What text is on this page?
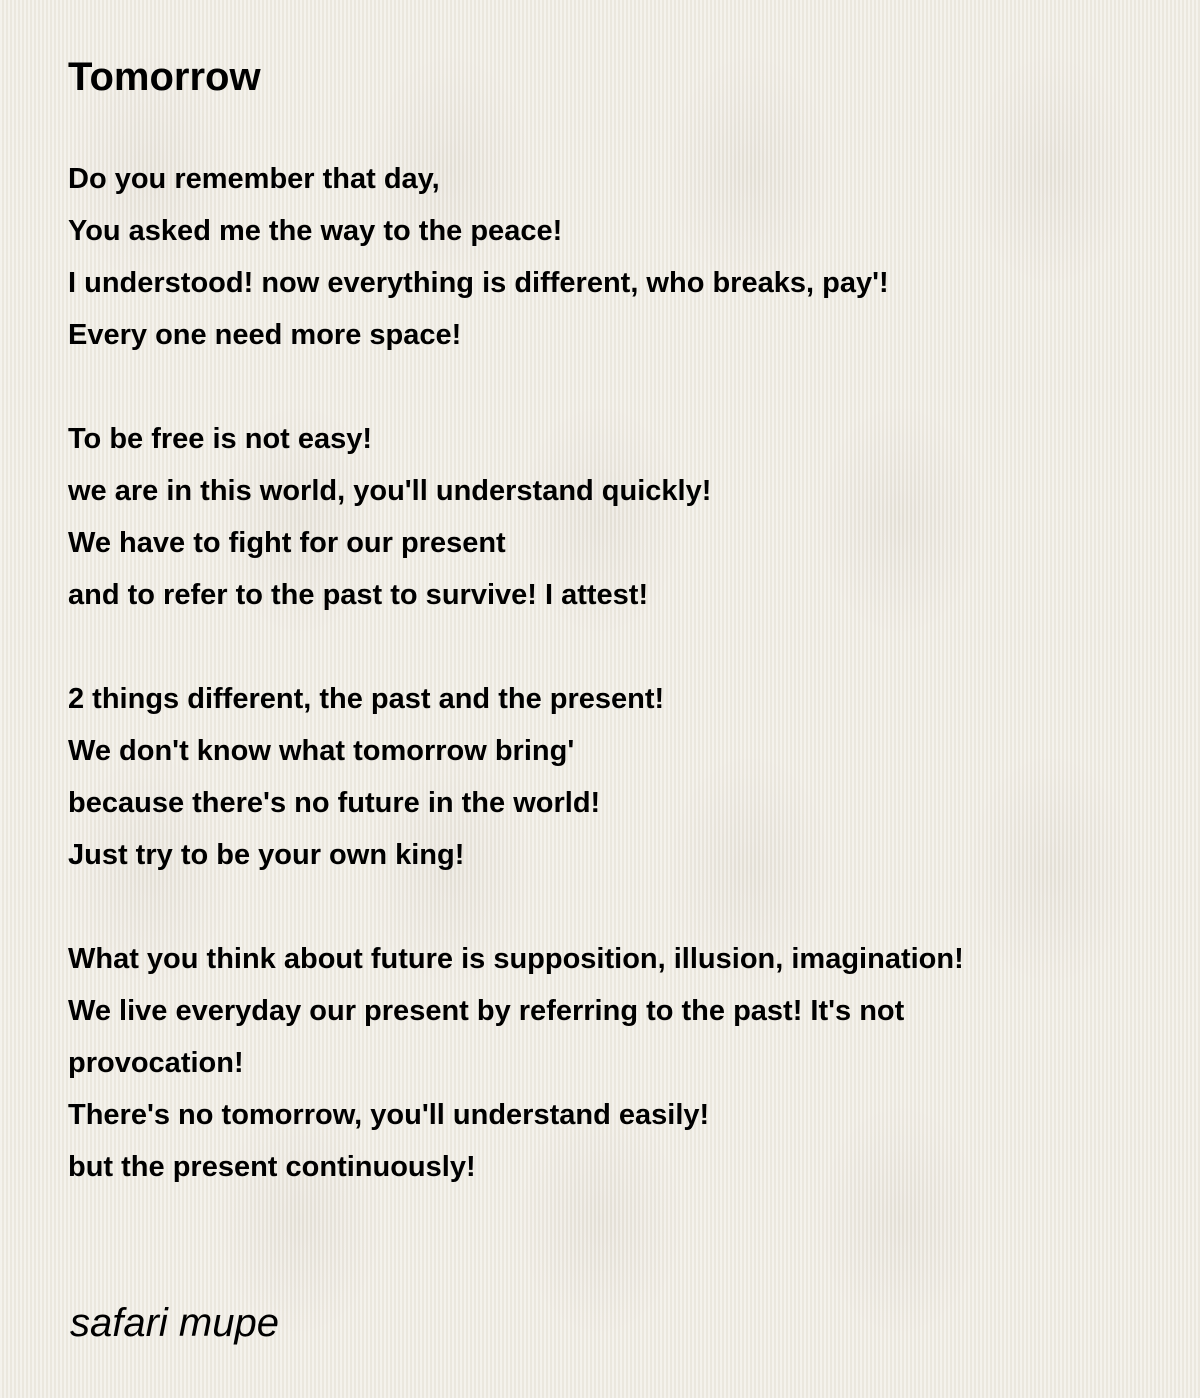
Tomorrow
Do you remember that day,
You asked me the way to the peace!
I understood! now everything is different, who breaks, pay'!
Every one need more space!
To be free is not easy!
we are in this world, you'll understand quickly!
We have to fight for our present
and to refer to the past to survive! I attest!
2 things different, the past and the present!
We don't know what tomorrow bring'
because there's no future in the world!
Just try to be your own king!
What you think about future is supposition, illusion, imagination!
We live everyday our present by referring to the past! It's not provocation!
There's no tomorrow, you'll understand easily!
but the present continuously!
safari mupe
